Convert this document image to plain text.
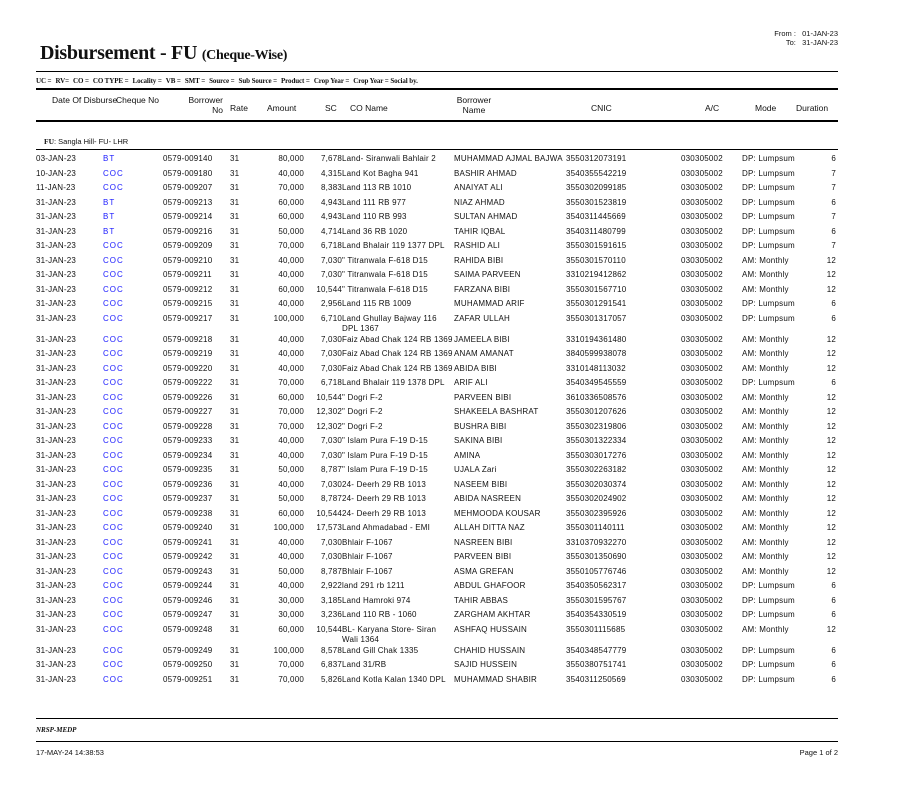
Disbursement - FU (Cheque-Wise)
From : 01-JAN-23
To: 31-JAN-23
UC = RV= CO = CO TYPE = Locality = VB = SMT = Source = Sub Source = Product = Crop Year = Crop Year = Social by.
Date Of Disburse
Cheque No	Borrower No Rate Amount	SC CO Name
Borrower Name	CNIC	A/C	Mode Duration
FU: Sangla Hill- FU- LHR
03-JAN-23	BT	0579-009140	31	80,000	7,678	Land- Siranwali Bahlair 2	MUHAMMAD AJMAL BAJWA	3550312073191	030305002	DP: Lumpsum	6
10-JAN-23	COC	0579-009180	31	40,000	4,315	Land Kot Bagha 941	BASHIR AHMAD	3540355542219	030305002	DP: Lumpsum	7
11-JAN-23	COC	0579-009207	31	70,000	8,383	Land 113 RB 1010	ANAIYAT ALI	3550302099185	030305002	DP: Lumpsum	7
31-JAN-23	BT	0579-009213	31	60,000	4,943	Land 111 RB 977	NIAZ AHMAD	3550301523819	030305002	DP: Lumpsum	6
31-JAN-23	BT	0579-009214	31	60,000	4,943	Land 110 RB 993	SULTAN AHMAD	3540311445669	030305002	DP: Lumpsum	7
31-JAN-23	BT	0579-009216	31	50,000	4,714	Land 36 RB 1020	TAHIR IQBAL	3540311480799	030305002	DP: Lumpsum	6
31-JAN-23	COC	0579-009209	31	70,000	6,718	Land Bhalair 119 1377 DPL	RASHID ALI	3550301591615	030305002	DP: Lumpsum	7
31-JAN-23	COC	0579-009210	31	40,000	7,030	" Titranwala F-618 D15	RAHIDA BIBI	3550301570110	030305002	AM: Monthly	12
31-JAN-23	COC	0579-009211	31	40,000	7,030	" Titranwala F-618 D15	SAIMA PARVEEN	3310219412862	030305002	AM: Monthly	12
31-JAN-23	COC	0579-009212	31	60,000	10,544	" Titranwala F-618 D15	FARZANA BIBI	3550301567710	030305002	AM: Monthly	12
31-JAN-23	COC	0579-009215	31	40,000	2,956	Land 115 RB 1009	MUHAMMAD ARIF	3550301291541	030305002	DP: Lumpsum	6
31-JAN-23	COC	0579-009217	31	100,000	6,710	Land Ghullay Bajway 116 DPL 1367	ZAFAR ULLAH	3550301317057	030305002	DP: Lumpsum	6
31-JAN-23	COC	0579-009218	31	40,000	7,030	Faiz Abad Chak 124 RB 1369	JAMEELA BIBI	3310194361480	030305002	AM: Monthly	12
31-JAN-23	COC	0579-009219	31	40,000	7,030	Faiz Abad Chak 124 RB 1369	ANAM AMANAT	3840599938078	030305002	AM: Monthly	12
31-JAN-23	COC	0579-009220	31	40,000	7,030	Faiz Abad Chak 124 RB 1369	ABIDA BIBI	3310148113032	030305002	AM: Monthly	12
31-JAN-23	COC	0579-009222	31	70,000	6,718	Land Bhalair 119 1378 DPL	ARIF ALI	3540349545559	030305002	DP: Lumpsum	6
31-JAN-23	COC	0579-009226	31	60,000	10,544	" Dogri F-2	PARVEEN BIBI	3610336508576	030305002	AM: Monthly	12
31-JAN-23	COC	0579-009227	31	70,000	12,302	" Dogri F-2	SHAKEELA BASHRAT	3550301207626	030305002	AM: Monthly	12
31-JAN-23	COC	0579-009228	31	70,000	12,302	" Dogri F-2	BUSHRA BIBI	3550302319806	030305002	AM: Monthly	12
31-JAN-23	COC	0579-009233	31	40,000	7,030	" Islam Pura F-19 D-15	SAKINA BIBI	3550301322334	030305002	AM: Monthly	12
31-JAN-23	COC	0579-009234	31	40,000	7,030	" Islam Pura F-19 D-15	AMINA	3550303017276	030305002	AM: Monthly	12
31-JAN-23	COC	0579-009235	31	50,000	8,787	" Islam Pura F-19 D-15	UJALA Zari	3550302263182	030305002	AM: Monthly	12
31-JAN-23	COC	0579-009236	31	40,000	7,030	24- Deerh 29 RB 1013	NASEEM BIBI	3550302030374	030305002	AM: Monthly	12
31-JAN-23	COC	0579-009237	31	50,000	8,787	24- Deerh 29 RB 1013	ABIDA NASREEN	3550302024902	030305002	AM: Monthly	12
31-JAN-23	COC	0579-009238	31	60,000	10,544	24- Deerh 29 RB 1013	MEHMOODA KOUSAR	3550302395926	030305002	AM: Monthly	12
31-JAN-23	COC	0579-009240	31	100,000	17,573	Land Ahmadabad - EMI	ALLAH DITTA NAZ	3550301140111	030305002	AM: Monthly	12
31-JAN-23	COC	0579-009241	31	40,000	7,030	Bhlair F-1067	NASREEN BIBI	3310370932270	030305002	AM: Monthly	12
31-JAN-23	COC	0579-009242	31	40,000	7,030	Bhlair F-1067	PARVEEN BIBI	3550301350690	030305002	AM: Monthly	12
31-JAN-23	COC	0579-009243	31	50,000	8,787	Bhlair F-1067	ASMA GREFAN	3550105776746	030305002	AM: Monthly	12
31-JAN-23	COC	0579-009244	31	40,000	2,922	land 291 rb 1211	ABDUL GHAFOOR	3540350562317	030305002	DP: Lumpsum	6
31-JAN-23	COC	0579-009246	31	30,000	3,185	Land Hamroki 974	TAHIR ABBAS	3550301595767	030305002	DP: Lumpsum	6
31-JAN-23	COC	0579-009247	31	30,000	3,236	Land 110 RB - 1060	ZARGHAM AKHTAR	3540354330519	030305002	DP: Lumpsum	6
31-JAN-23	COC	0579-009248	31	60,000	10,544	BL- Karyana Store- Siran Wali 1364	ASHFAQ HUSSAIN	3550301115685	030305002	AM: Monthly	12
31-JAN-23	COC	0579-009249	31	100,000	8,578	Land Gill Chak 1335	CHAHID HUSSAIN	3540348547779	030305002	DP: Lumpsum	6
31-JAN-23	COC	0579-009250	31	70,000	6,837	Land 31/RB	SAJID HUSSEIN	3550380751741	030305002	DP: Lumpsum	6
31-JAN-23	COC	0579-009251	31	70,000	5,826	Land Kotla Kalan 1340 DPL	MUHAMMAD SHABIR	3540311250569	030305002	DP: Lumpsum	6
NRSP-MEDP
17-MAY-24 14:38:53	Page 1 of 2
